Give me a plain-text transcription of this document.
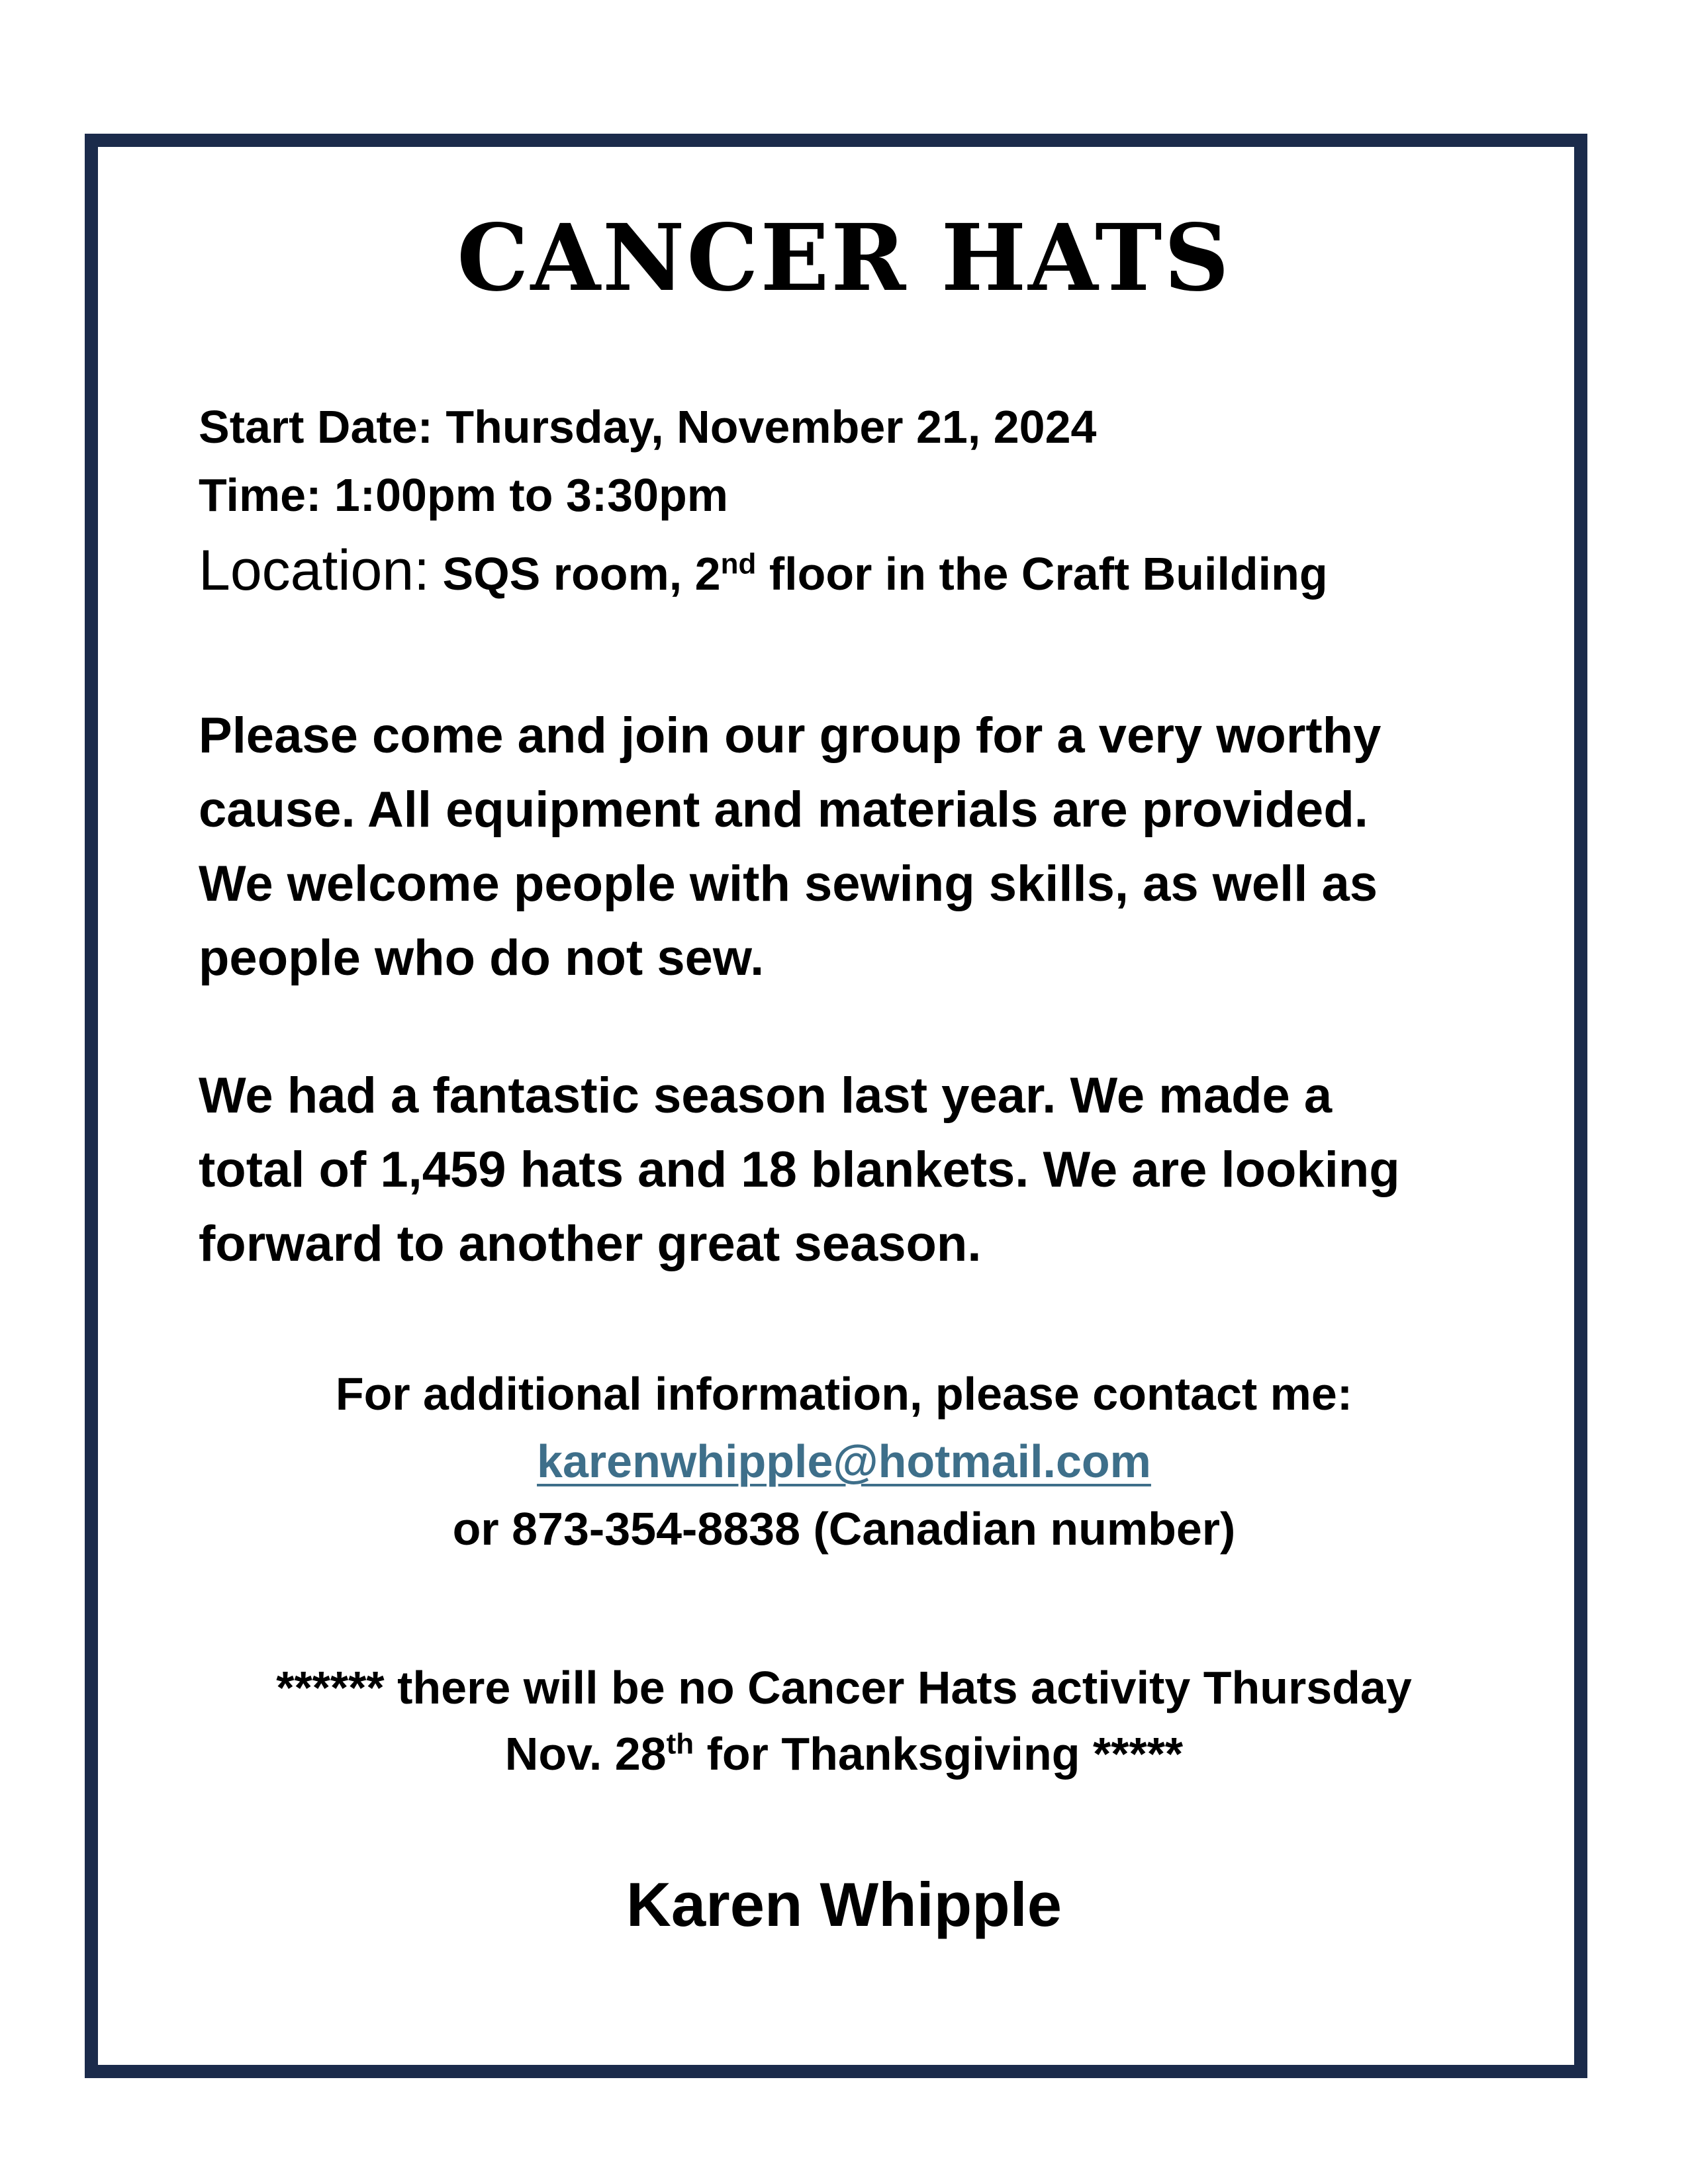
CANCER HATS
Start Date: Thursday, November 21, 2024
Time: 1:00pm to 3:30pm
Location: SQS room, 2nd floor in the Craft Building
Please come and join our group for a very worthy
cause. All equipment and materials are provided.
We welcome people with sewing skills, as well as
people who do not sew.
We had a fantastic season last year. We made a
total of 1,459 hats and 18 blankets. We are looking
forward to another great season.
For additional information, please contact me:
karenwhipple@hotmail.com
or 873-354-8838 (Canadian number)
****** there will be no Cancer Hats activity Thursday
Nov. 28th for Thanksgiving *****
Karen Whipple
